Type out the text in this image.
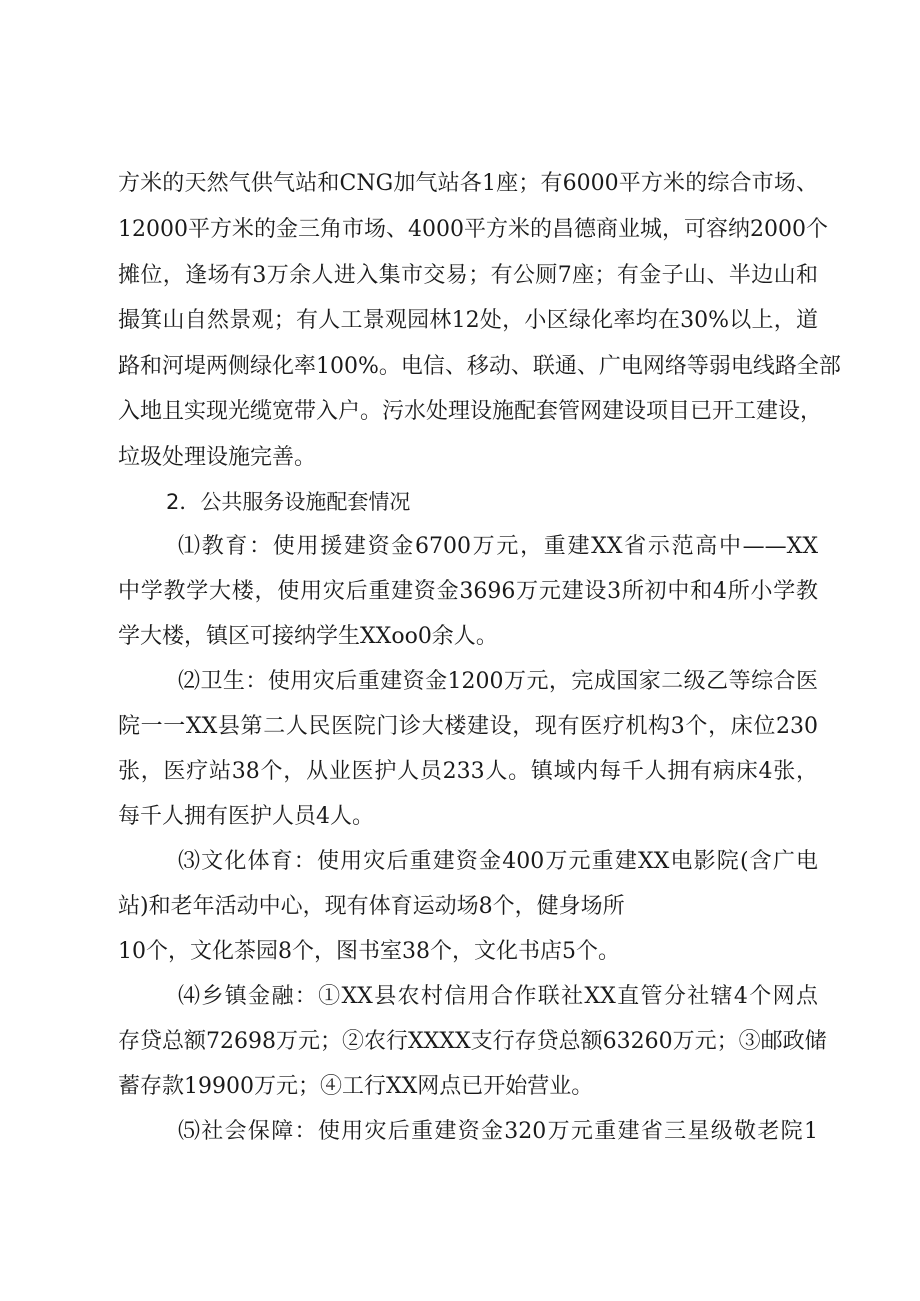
方米的天然气供气站和CNG加气站各1座；有6000平方米的综合市场、
12000平方米的金三角市场、4000平方米的昌德商业城，可容纳2000个
摊位，逢场有3万余人进入集市交易；有公厕7座；有金子山、半边山和
撮箕山自然景观；有人工景观园林12处，小区绿化率均在30%以上，道
路和河堤两侧绿化率100%。电信、移动、联通、广电网络等弱电线路全部
入地且实现光缆宽带入户。污水处理设施配套管网建设项目已开工建设，
垃圾处理设施完善。
2．公共服务设施配套情况
⑴教育：使用援建资金6700万元，重建XX省示范高中——XX
中学教学大楼，使用灾后重建资金3696万元建设3所初中和4所小学教
学大楼，镇区可接纳学生XXoo0余人。
⑵卫生：使用灾后重建资金1200万元，完成国家二级乙等综合医
院一一XX县第二人民医院门诊大楼建设，现有医疗机构3个，床位230
张，医疗站38个，从业医护人员233人。镇域内每千人拥有病床4张，
每千人拥有医护人员4人。
⑶文化体育：使用灾后重建资金400万元重建XX电影院(含广电
站)和老年活动中心，现有体育运动场8个，健身场所
10个，文化茶园8个，图书室38个，文化书店5个。
⑷乡镇金融：①XX县农村信用合作联社XX直管分社辖4个网点
存贷总额72698万元；②农行XXXX支行存贷总额63260万元；③邮政储
蓄存款19900万元；④工行XX网点已开始营业。
⑸社会保障：使用灾后重建资金320万元重建省三星级敬老院1
